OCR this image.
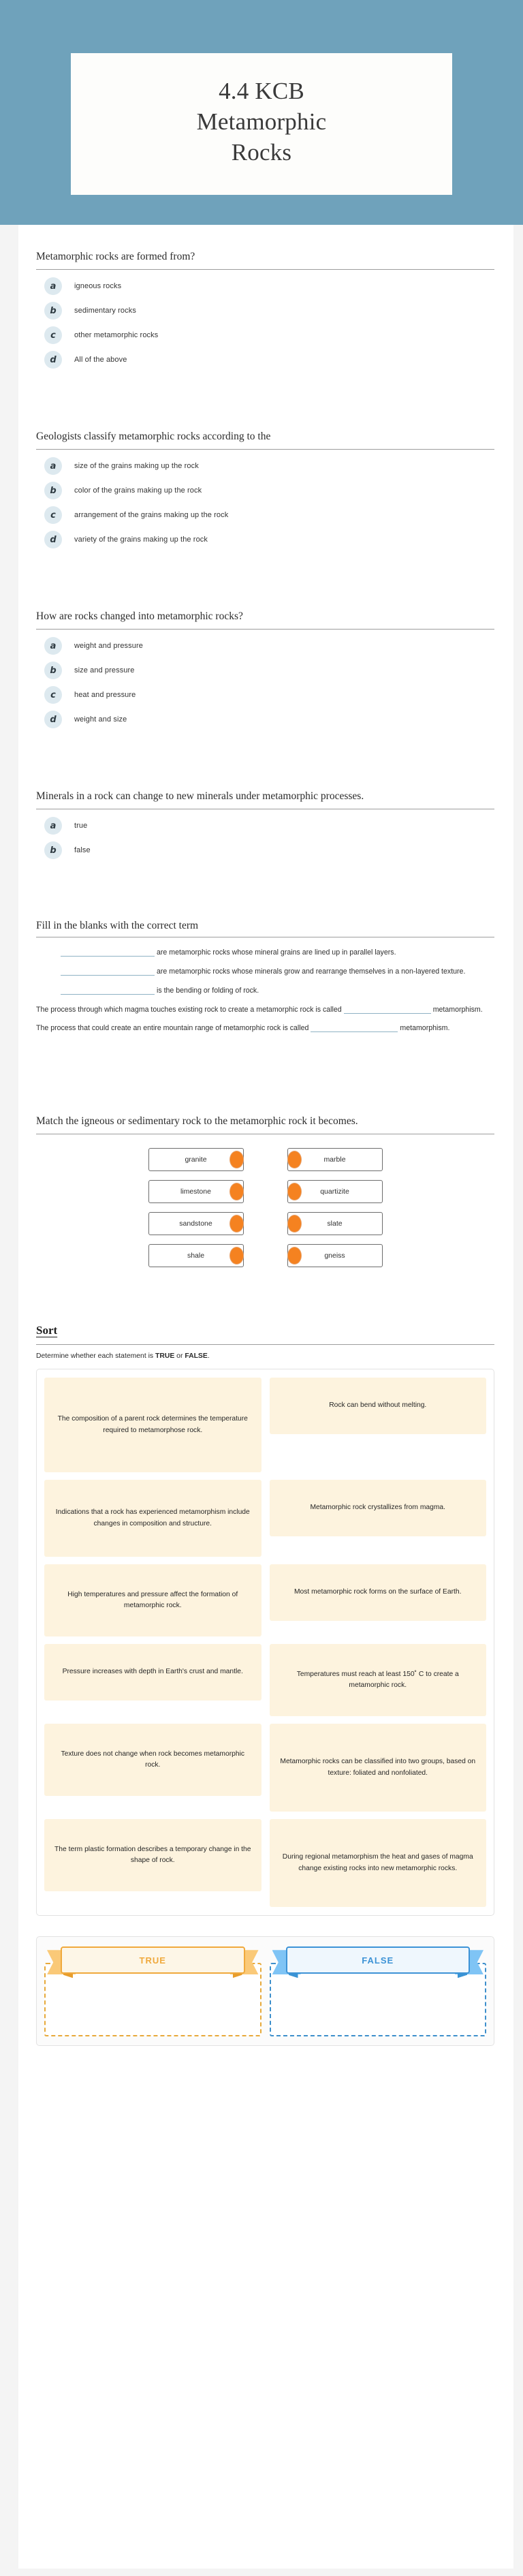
4.4 KCB
Metamorphic
Rocks
Metamorphic rocks are formed from?
a	igneous rocks
b	sedimentary rocks
c	other metamorphic rocks
d	All of the above
Geologists classify metamorphic rocks according to the
a	size of the grains making up the rock
b	color of the grains making up the rock
c	arrangement of the grains making up the rock
d	variety of the grains making up the rock
How are rocks changed into metamorphic rocks?
a	weight and pressure
b	size and pressure
c	heat and pressure
d	weight and size
Minerals in a rock can change to new minerals under metamorphic processes.
a	true
b	false
Fill in the blanks with the correct term
are metamorphic rocks whose mineral grains are lined up in parallel layers.
are metamorphic rocks whose minerals grow and rearrange themselves in a non-layered texture.
is the bending or folding of rock.
The process through which magma touches existing rock to create a metamorphic rock is called	metamorphism.
The process that could create an entire mountain range of metamorphic rock is called	metamorphism.
Match the igneous or sedimentary rock to the metamorphic rock it becomes.
granite	marble
limestone	quartizite
sandstone	slate
shale	gneiss
Sort
Determine whether each statement is TRUE or FALSE.
The composition of a parent rock determines the temperature required to metamorphose rock.
Rock can bend without melting.
Indications that a rock has experienced metamorphism include changes in composition and structure.
Metamorphic rock crystallizes from magma.
High temperatures and pressure affect the formation of metamorphic rock.
Most metamorphic rock forms on the surface of Earth.
Pressure increases with depth in Earth's crust and mantle.	Temperatures must reach at least 150˚ C to create a metamorphic rock.
Texture does not change when rock becomes metamorphic rock.	Metamorphic rocks can be classified into two groups, based on texture: foliated and nonfoliated.
The term plastic formation describes a temporary change in the shape of rock.	During regional metamorphism the heat and gases of magma change existing rocks into new metamorphic rocks.
TRUE	FALSE
